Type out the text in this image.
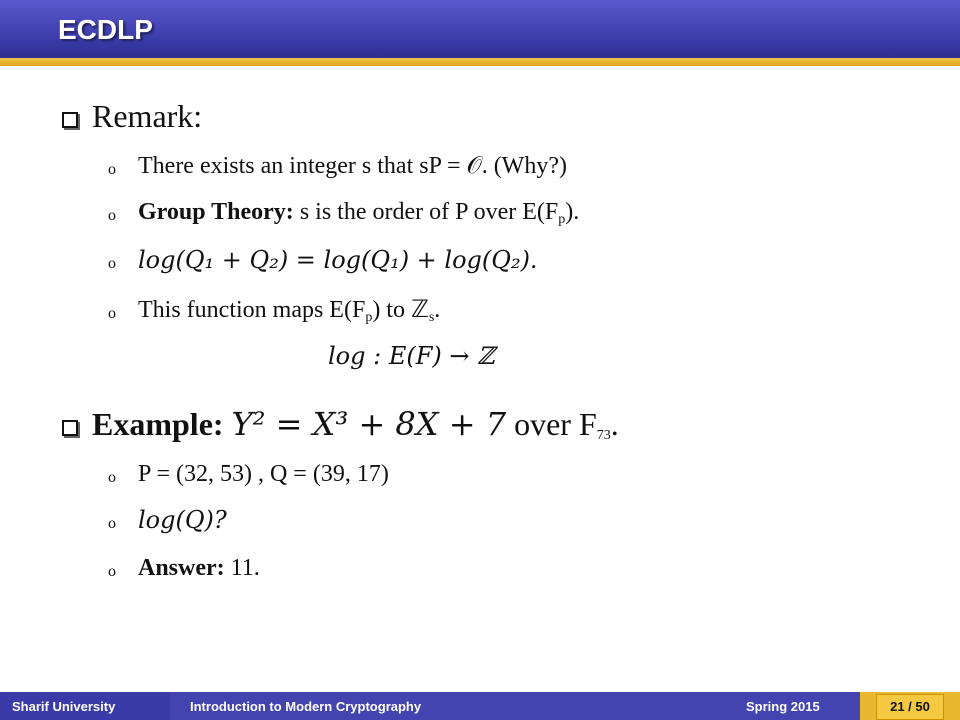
ECDLP
Remark:
o There exists an integer s that sP = 𝒪. (Why?)
o Group Theory: s is the order of P over $E(F_p)$.
o log(Q₁ + Q₂) = log(Q₁) + log(Q₂).
o This function maps $E(F_p)$ to ℤ$_s$.
log : E(F) → ℤ
Example: Y² = X³ + 8X + 7 over $F_{73}$.
o P = (32, 53) , Q = (39, 17)
o log(Q)?
o Answer: 11.
Sharif University	Introduction to Modern Cryptography	Spring 2015	21 / 50
